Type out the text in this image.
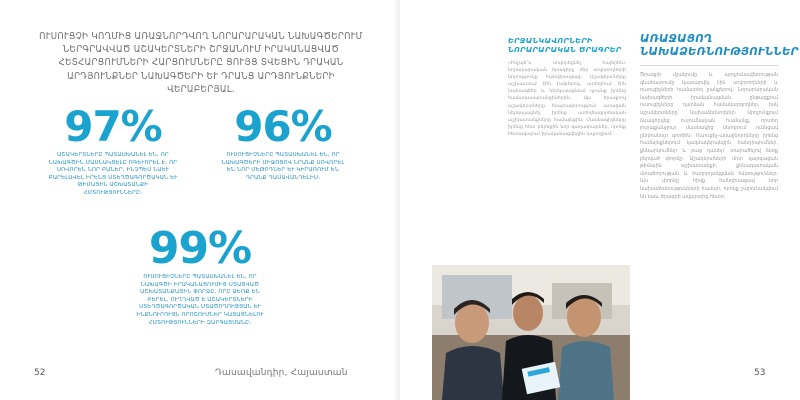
ՈՒՍՈՒՑՉԻ ԿՈՂՄԻՑ ԱՌԱՋՆՈՐԴՎՈՂ ՆՈՐԱՐԱՐԱԿԱՆ ՆԱԽԱԳԾԵՐՈՒՄ ՆԵՐԳՐԱՎՎԱԾ ԱՇԱԿԵՐՏՆԵՐԻ ՇՐՋԱՆՈՒՄ ԻՐԱԿԱՆԱՑՎԱԾ ՀԵՏՀԱՐՑՈՒՄՆԵՐԻ ՀԱՐՑՈՒՄՆԵՐԸ ՑՈՒՅՑ ՏՎԵՑԻՆ ԴՐԱԿԱՆ ԱՐԴՅՈՒՆՔՆԵՐ ՆԱԽԱԳԾԵՐԻ ԵՒ ԴՐԱՆՑ ԱՐԴՅՈՒՆՔՆԵՐԻ ՎԵՐԱԲԵՐՅԱԼ.

97%
ԱՇԱԿԵՐՏՆԵՐԸ ՊԱՏԱՍԽԱՆԵԼ ԵՆ, ՈՐ ՆԱԽԱԳԾԻՆ ՄԱՍՆԱԿՑԵԼԸ ՈԳԵՒՈՐԵԼ Է, ՈՐ ՍՈՎՈՐԵՆ ՆՈՐ ԲԱՆԵՐ, ԻՆՉՊԵՍ ՆԱԵՒ ԲԱՐԵԼԱՎԵԼ ԻՐԵՆՑ ՍՏԵՂԾԱԳՈՐԾԱԿԱՆ ԵՒ ԹԻՄԱՅԻՆ ԱՇԽԱՏԱՆՔԻ ՀՄՏՈՒԹՅՈՒՆՆԵՐԸ։
96%
ՈՒՍՈՒՑԻՉՆԵՐԸ ՊԱՏԱՍԽԱՆԵԼ ԵՆ, ՈՐ ՆԱԽԱԳԾԵՐԻ ՄԻՋՈՑՈՎ ՆՐԱՆՔ ՍՈՎՈՐԵԼ ԵՆ ՆՈՐ ՄԵԹՈԴՆԵՐ ԵՒ ԿԻՐԱՌՈՒՄ ԵՆ ԴՐԱՆՔ ԴԱՍԱՎԱՆԴԵԼԻՍ։
99%
ՈՒՍՈՒՑԻՉՆԵՐԸ ՊԱՏԱՍԽԱՆԵԼ ԵՆ, ՈՐ ՆԱԽԱԳԾԻ ԻՐԱԿԱՆԱՑՈՒՄԻՑ ՍՏԱՑՎԱԾ ԱՇԽԱՏԱՆՔԱՅԻՆ ՓՈՐՁԸ, ՈՐԸ ՁԵՌՔ ԵՆ ԲԵՐԵԼ, ՈՒՂՂՎԱԾ Է ԱՇԱԿԵՐՏՆԵՐԻ ՍՏԵՂԾԱԳՈՐԾԱԿԱՆ ՄՏԱԾՈՂՈՒԹՅԱՆ ԵՒ ԻՆՔՆՈՒՐՈՒՅՆ ՈՐՈՇՈՒՄՆԵՐ ԿԱՅԱՑՆԵԼՈՒ ՀՄՏՈՒԹՅՈՒՆՆԵՐԻ ԶԱՐԳԱՑՄԱՆԸ։
52	Դասավանդիր, Հայաստան
ԵՐՋԱՆԿԱՎՈՐՆԵՐԻ ՆՈՐԱՐԱՐԱԿԱՆ ԾՐԱԳՐԵՐ
«Ինչպե՞ս սովորեցնել հայերեն» նորարարական ծրագիրը մեր սովորողների նորությունը հանդիսացավ։ Աշակերտները աշխատում էին խմբերով, ստեղծում էին նախագծեր և ներկայացնում դրանք իրենց համադասարանցիներին։ Այս ծրագրով աշակերտները հնարավորություն ստացան ներկայացնել իրենց ստեղծագործական աշխատանքները համայնքին։ Մասնակիցները իրենց հետ բերեցին նոր գաղափարներ, որոնք հետագայում իրականացվեցին դպրոցում։
ԱՌԱՋԱՑՈՂ ՆԱԽԱՁԵՌՆՈՒԹՅՈՒՆՆԵՐ
Ծրագրի մշակումը և արդյունավետության գնահատումը կատարվել էին սովորողների և ուսուցիչների համատեղ ջանքերով։ Նորարարական նախագծերի իրականացման ընթացքում ուսուցիչները դարձան համակարգողներ, իսկ աշակերտները՝ նախաձեռնողներ։ Արդյունքում ձևավորվեց ուսումնական համայնք, որտեղ յուրաքանչյուր մասնակից ներդրում ունեցավ ընդհանուր գործին։ Ուսուցիչ-առաջնորդները իրենց համայնքներում կազմակերպեցին հանդիպումներ, քննարկումներ և բաց դասեր՝ տարածելով ձեռք բերված փորձը։ Աշակերտների մոտ զարգացան թիմային աշխատանքի, քննադատական մտածողության և հաղորդակցման հմտություններ։ Այս փորձը հիմք հանդիսացավ նոր նախաձեռնությունների համար, որոնք շարունակվում են նաև ծրագրի ավարտից հետո։
53
